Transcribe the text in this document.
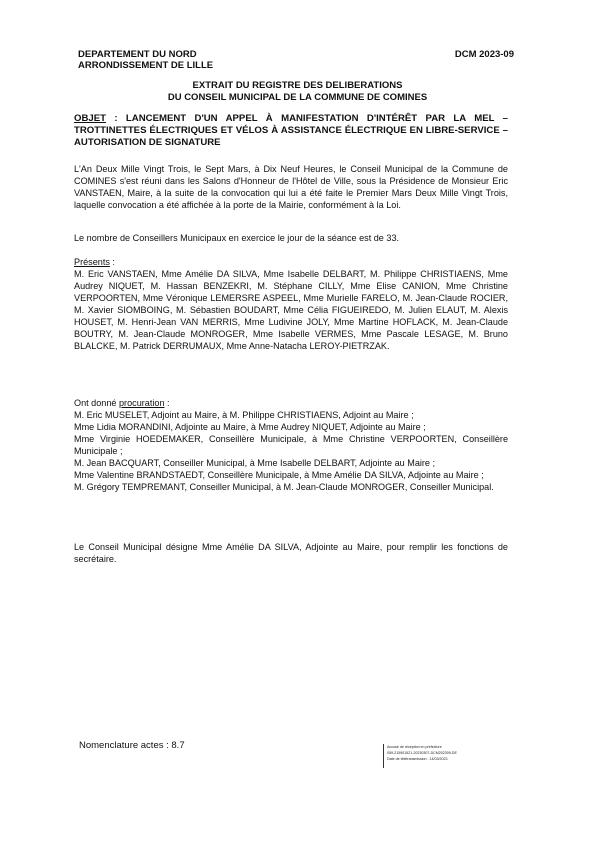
DEPARTEMENT DU NORD
ARRONDISSEMENT DE LILLE
DCM 2023-09
EXTRAIT DU REGISTRE DES DELIBERATIONS
DU CONSEIL MUNICIPAL DE LA COMMUNE DE COMINES
OBJET : LANCEMENT D'UN APPEL À MANIFESTATION D'INTÉRÊT PAR LA MEL – TROTTINETTES ÉLECTRIQUES ET VÉLOS À ASSISTANCE ÉLECTRIQUE EN LIBRE-SERVICE – AUTORISATION DE SIGNATURE
L'An Deux Mille Vingt Trois, le Sept Mars, à Dix Neuf Heures, le Conseil Municipal de la Commune de COMINES s'est réuni dans les Salons d'Honneur de l'Hôtel de Ville, sous la Présidence de Monsieur Eric VANSTAEN, Maire, à la suite de la convocation qui lui a été faite le Premier Mars Deux Mille Vingt Trois, laquelle convocation a été affichée à la porte de la Mairie, conformément à la Loi.
Le nombre de Conseillers Municipaux en exercice le jour de la séance est de 33.
Présents :
M. Eric VANSTAEN, Mme Amélie DA SILVA, Mme Isabelle DELBART, M. Philippe CHRISTIAENS, Mme Audrey NIQUET, M. Hassan BENZEKRI, M. Stéphane CILLY, Mme Elise CANION, Mme Christine VERPOORTEN, Mme Véronique LEMERSRE ASPEEL, Mme Murielle FARELO, M. Jean-Claude ROCIER, M. Xavier SIOMBOING, M. Sébastien BOUDART, Mme Célia FIGUEIREDO, M. Julien ELAUT, M. Alexis HOUSET, M. Henri-Jean VAN MERRIS, Mme Ludivine JOLY, Mme Martine HOFLACK, M. Jean-Claude BOUTRY, M. Jean-Claude MONROGER, Mme Isabelle VERMES, Mme Pascale LESAGE, M. Bruno BLALCKE, M. Patrick DERRUMAUX, Mme Anne-Natacha LEROY-PIETRZAK.
Ont donné procuration :
M. Eric MUSELET, Adjoint au Maire, à M. Philippe CHRISTIAENS, Adjoint au Maire ;
Mme Lidia MORANDINI, Adjointe au Maire, à Mme Audrey NIQUET, Adjointe au Maire ;
Mme Virginie HOEDEMAKER, Conseillère Municipale, à Mme Christine VERPOORTEN, Conseillère Municipale ;
M. Jean BACQUART, Conseiller Municipal, à Mme Isabelle DELBART, Adjointe au Maire ;
Mme Valentine BRANDSTAEDT, Conseillère Municipale, à Mme Amélie DA SILVA, Adjointe au Maire ;
M. Grégory TEMPREMANT, Conseiller Municipal, à M. Jean-Claude MONROGER, Conseiller Municipal.
Le Conseil Municipal désigne Mme Amélie DA SILVA, Adjointe au Maire, pour remplir les fonctions de secrétaire.
Nomenclature actes : 8.7	Accusé de réception en préfecture
059-215901521-20230307-DCM202309-DE
Date de télétransmission : 14/03/2023
